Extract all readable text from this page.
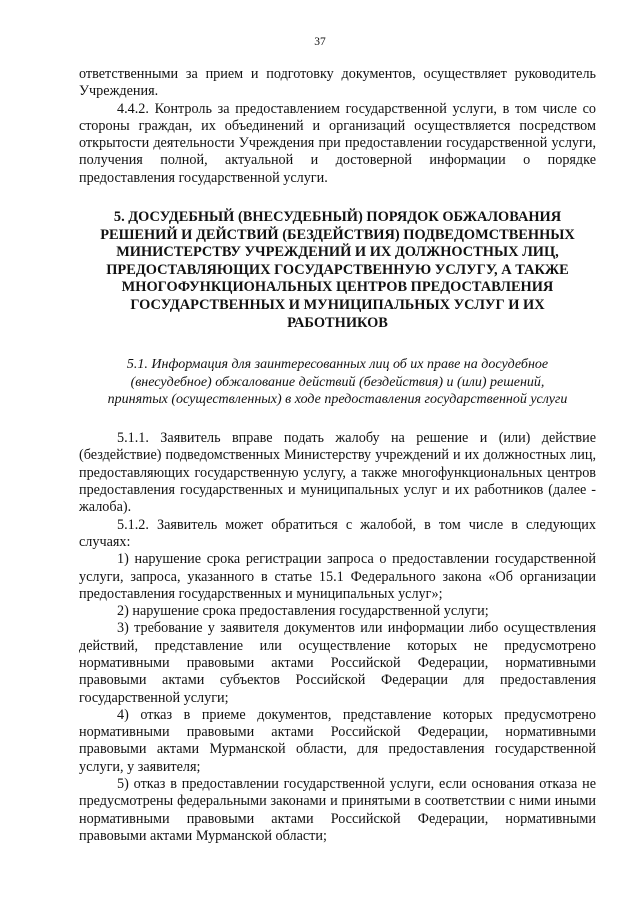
37

ответственными за прием и подготовку документов, осуществляет руководитель Учреждения.

4.4.2. Контроль за предоставлением государственной услуги, в том числе со стороны граждан, их объединений и организаций осуществляется посредством открытости деятельности Учреждения при предоставлении государственной услуги, получения полной, актуальной и достоверной информации о порядке предоставления государственной услуги.

5. ДОСУДЕБНЫЙ (ВНЕСУДЕБНЫЙ) ПОРЯДОК ОБЖАЛОВАНИЯ РЕШЕНИЙ И ДЕЙСТВИЙ (БЕЗДЕЙСТВИЯ) ПОДВЕДОМСТВЕННЫХ МИНИСТЕРСТВУ УЧРЕЖДЕНИЙ И ИХ ДОЛЖНОСТНЫХ ЛИЦ, ПРЕДОСТАВЛЯЮЩИХ ГОСУДАРСТВЕННУЮ УСЛУГУ, А ТАКЖЕ МНОГОФУНКЦИОНАЛЬНЫХ ЦЕНТРОВ ПРЕДОСТАВЛЕНИЯ ГОСУДАРСТВЕННЫХ И МУНИЦИПАЛЬНЫХ УСЛУГ И ИХ РАБОТНИКОВ

5.1. Информация для заинтересованных лиц об их праве на досудебное (внесудебное) обжалование действий (бездействия) и (или) решений, принятых (осуществленных) в ходе предоставления государственной услуги

5.1.1. Заявитель вправе подать жалобу на решение и (или) действие (бездействие) подведомственных Министерству учреждений и их должностных лиц, предоставляющих государственную услугу, а также многофункциональных центров предоставления государственных и муниципальных услуг и их работников (далее - жалоба).

5.1.2. Заявитель может обратиться с жалобой, в том числе в следующих случаях:

1) нарушение срока регистрации запроса о предоставлении государственной услуги, запроса, указанного в статье 15.1 Федерального закона «Об организации предоставления государственных и муниципальных услуг»;

2) нарушение срока предоставления государственной услуги;

3) требование у заявителя документов или информации либо осуществления действий, представление или осуществление которых не предусмотрено нормативными правовыми актами Российской Федерации, нормативными правовыми актами субъектов Российской Федерации для предоставления государственной услуги;

4) отказ в приеме документов, представление которых предусмотрено нормативными правовыми актами Российской Федерации, нормативными правовыми актами Мурманской области, для предоставления государственной услуги, у заявителя;

5) отказ в предоставлении государственной услуги, если основания отказа не предусмотрены федеральными законами и принятыми в соответствии с ними иными нормативными правовыми актами Российской Федерации, нормативными правовыми актами Мурманской области;
